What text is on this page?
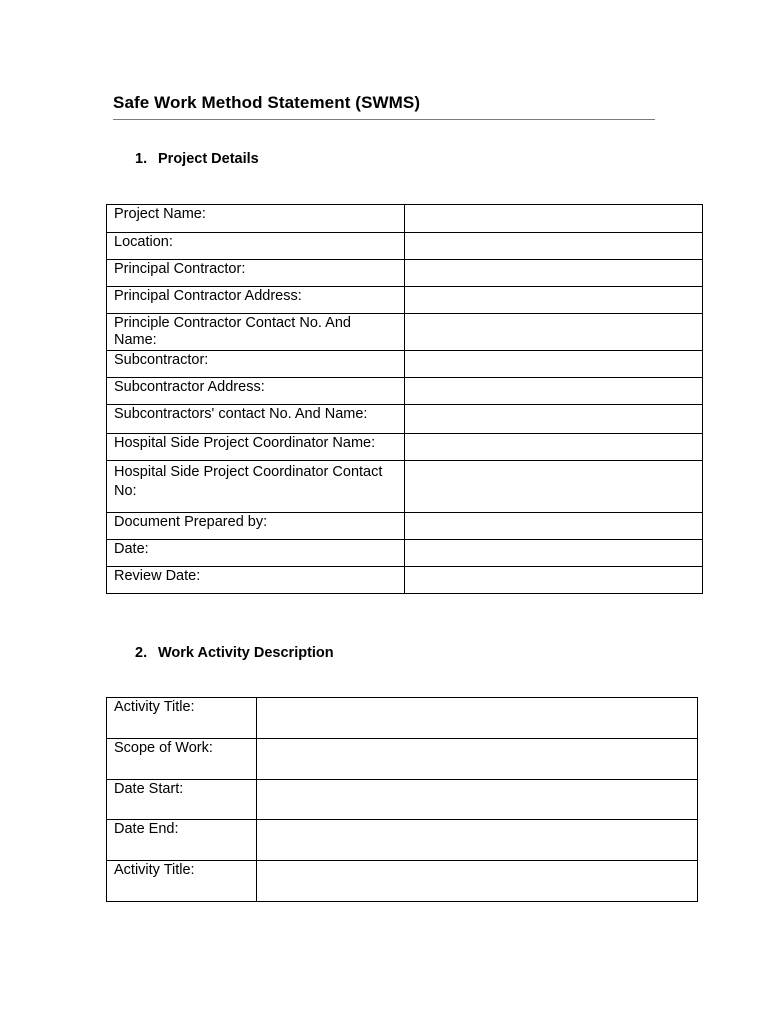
Safe Work Method Statement (SWMS)
1. Project Details
Project Name:	
Location:	
Principal Contractor:	
Principal Contractor Address:	
Principle Contractor Contact No. And Name:	
Subcontractor:	
Subcontractor Address:	
Subcontractors' contact No. And Name:	
Hospital Side Project Coordinator Name:	
Hospital Side Project Coordinator Contact No:	
Document Prepared by:	
Date:	
Review Date:	
2. Work Activity Description
Activity Title:	
Scope of Work:	
Date Start:	
Date End:	
Activity Title:	
